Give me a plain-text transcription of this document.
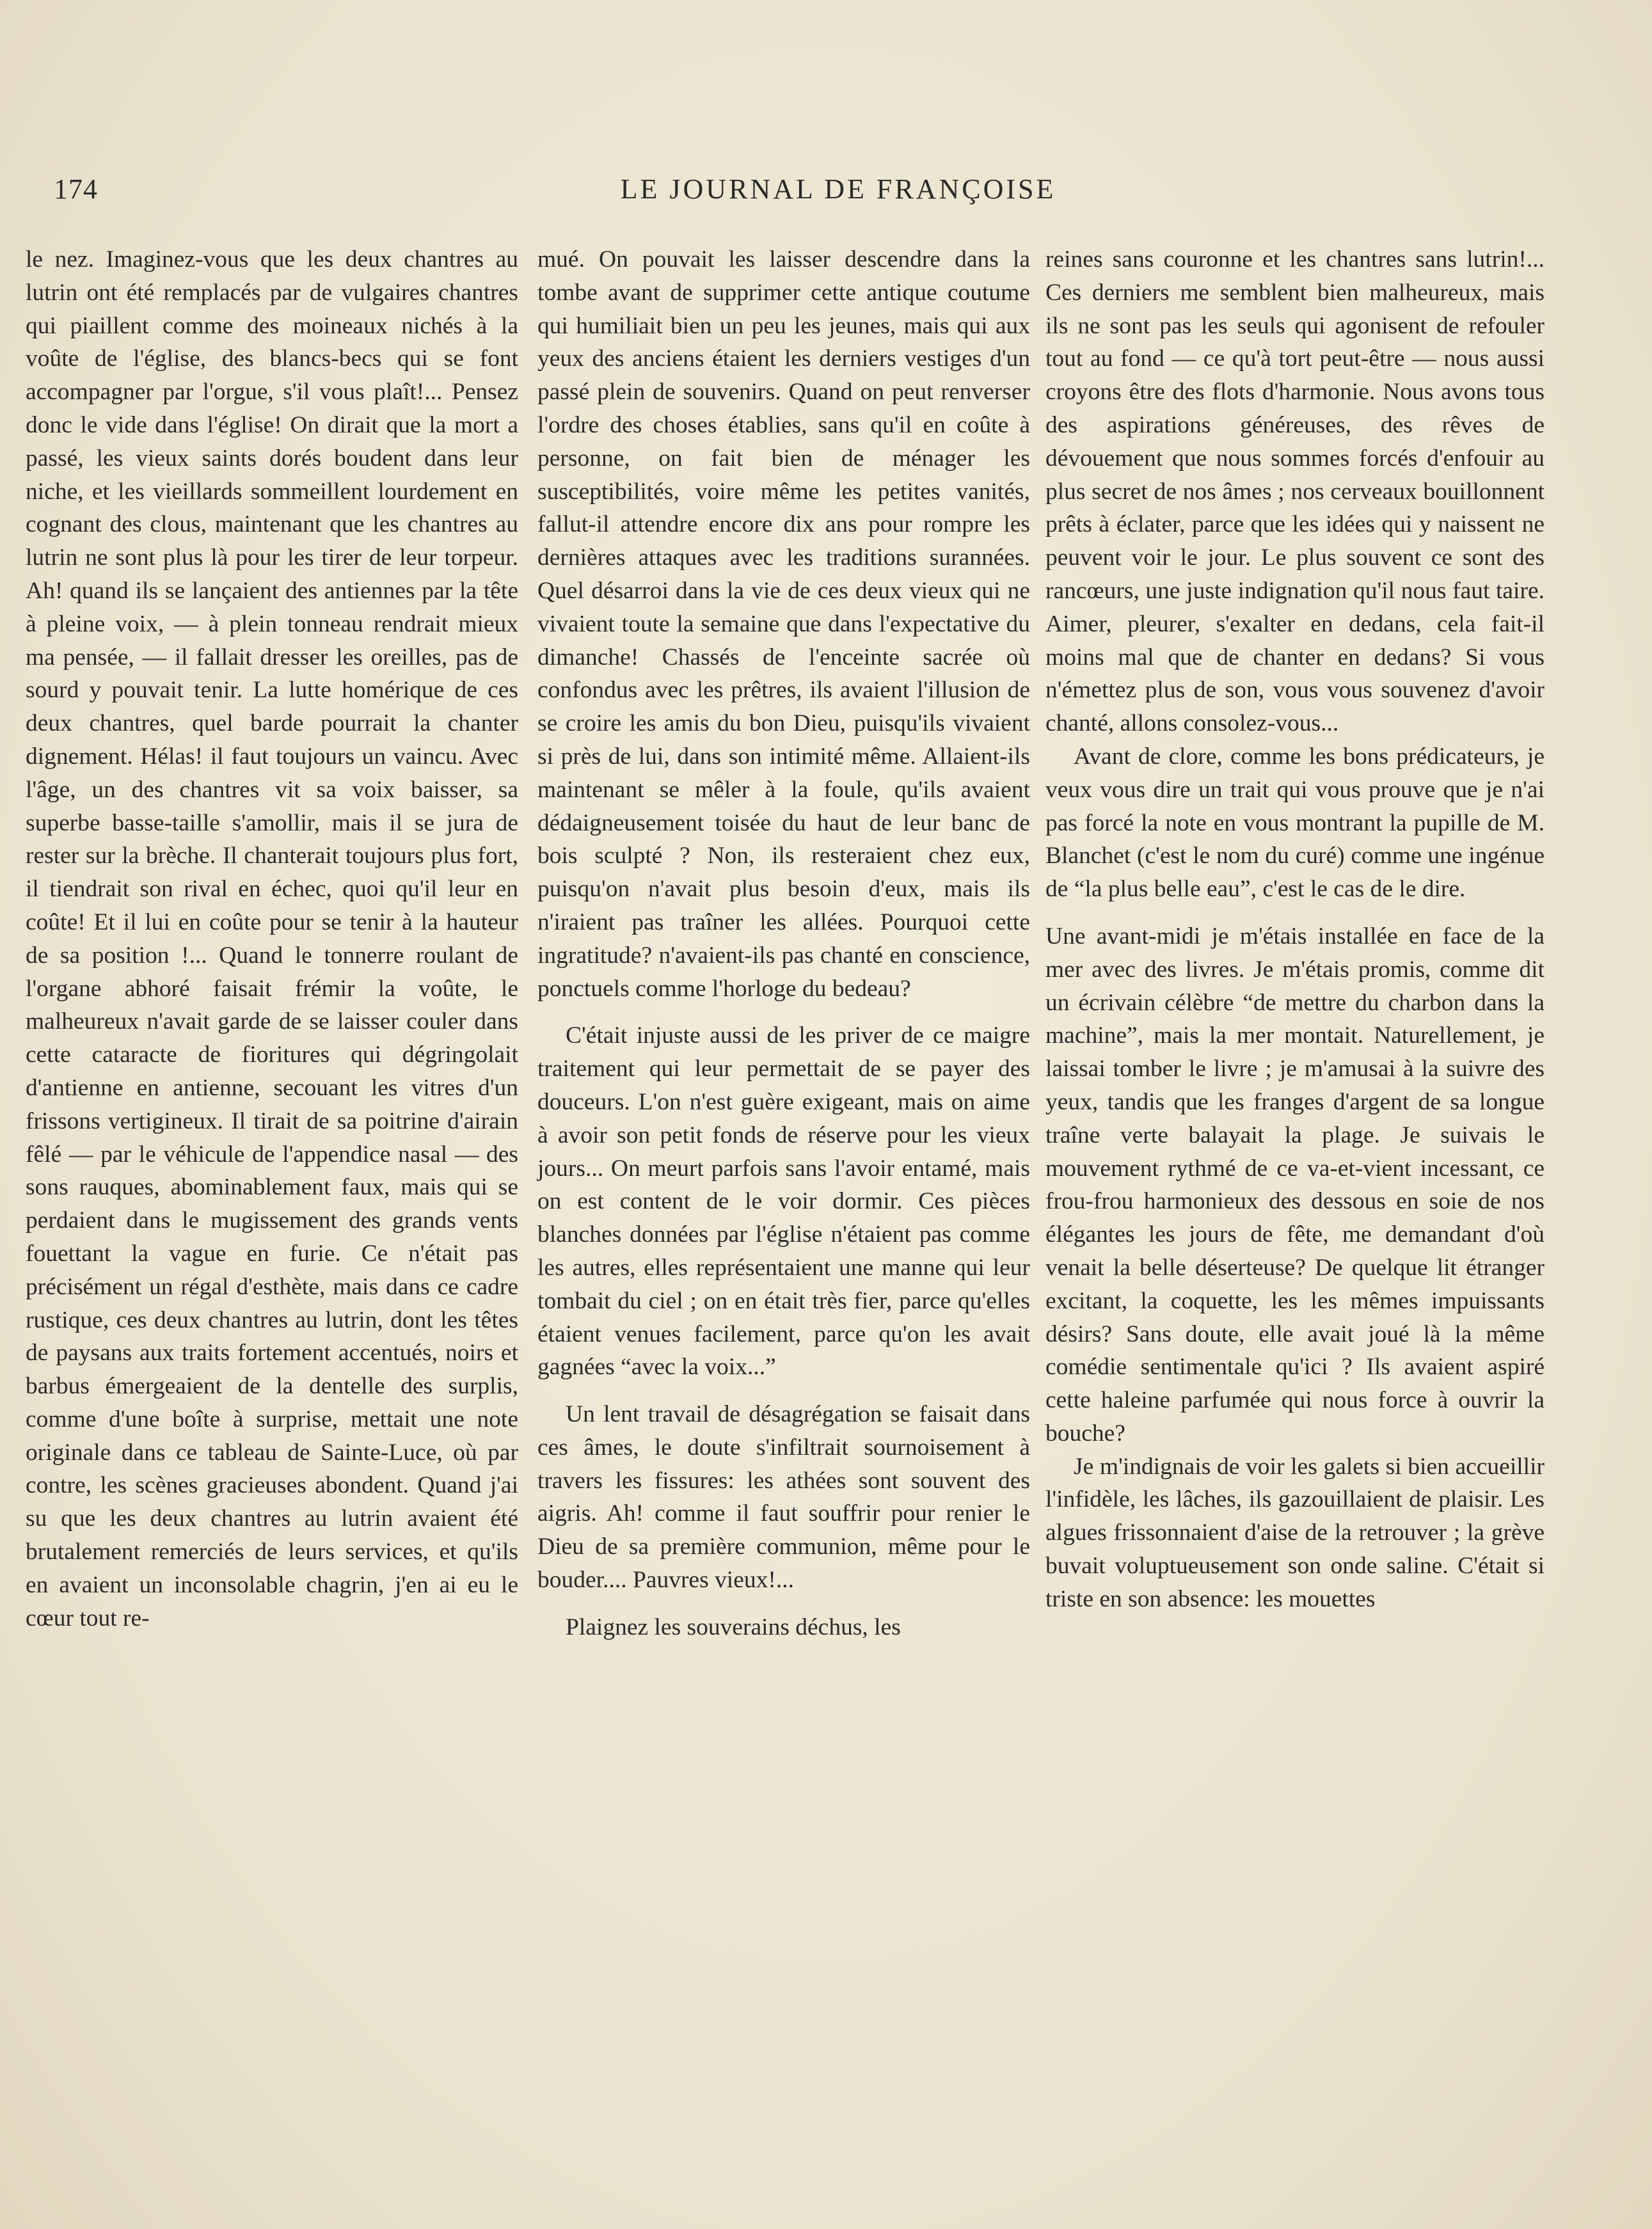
174	LE JOURNAL DE FRANÇOISE

le nez. Imaginez-vous que les deux chantres au lutrin ont été remplacés par de vulgaires chantres qui piaillent comme des moineaux nichés à la voûte de l'église, des blancs-becs qui se font accompagner par l'orgue, s'il vous plaît!... Pensez donc le vide dans l'église! On dirait que la mort a passé, les vieux saints dorés boudent dans leur niche, et les vieillards sommeillent lourdement en cognant des clous, maintenant que les chantres au lutrin ne sont plus là pour les tirer de leur torpeur. Ah! quand ils se lançaient des antiennes par la tête à pleine voix, — à plein tonneau rendrait mieux ma pensée, — il fallait dresser les oreilles, pas de sourd y pouvait tenir. La lutte homérique de ces deux chantres, quel barde pourrait la chanter dignement. Hélas! il faut toujours un vaincu. Avec l'âge, un des chantres vit sa voix baisser, sa superbe basse-taille s'amollir, mais il se jura de rester sur la brèche. Il chanterait toujours plus fort, il tiendrait son rival en échec, quoi qu'il leur en coûte! Et il lui en coûte pour se tenir à la hauteur de sa position !... Quand le tonnerre roulant de l'organe abhoré faisait frémir la voûte, le malheureux n'avait garde de se laisser couler dans cette cataracte de fioritures qui dégringolait d'antienne en antienne, secouant les vitres d'un frissons vertigineux. Il tirait de sa poitrine d'airain fêlé — par le véhicule de l'appendice nasal — des sons rauques, abominablement faux, mais qui se perdaient dans le mugissement des grands vents fouettant la vague en furie. Ce n'était pas précisément un régal d'esthète, mais dans ce cadre rustique, ces deux chantres au lutrin, dont les têtes de paysans aux traits fortement accentués, noirs et barbus émergeaient de la dentelle des surplis, comme d'une boîte à surprise, mettait une note originale dans ce tableau de Sainte-Luce, où par contre, les scènes gracieuses abondent. Quand j'ai su que les deux chantres au lutrin avaient été brutalement remerciés de leurs services, et qu'ils en avaient un inconsolable chagrin, j'en ai eu le cœur tout re-

mué. On pouvait les laisser descendre dans la tombe avant de supprimer cette antique coutume qui humiliait bien un peu les jeunes, mais qui aux yeux des anciens étaient les derniers vestiges d'un passé plein de souvenirs. Quand on peut renverser l'ordre des choses établies, sans qu'il en coûte à personne, on fait bien de ménager les susceptibilités, voire même les petites vanités, fallut-il attendre encore dix ans pour rompre les dernières attaques avec les traditions surannées. Quel désarroi dans la vie de ces deux vieux qui ne vivaient toute la semaine que dans l'expectative du dimanche! Chassés de l'enceinte sacrée où confondus avec les prêtres, ils avaient l'illusion de se croire les amis du bon Dieu, puisqu'ils vivaient si près de lui, dans son intimité même. Allaient-ils maintenant se mêler à la foule, qu'ils avaient dédaigneusement toisée du haut de leur banc de bois sculpté ? Non, ils resteraient chez eux, puisqu'on n'avait plus besoin d'eux, mais ils n'iraient pas traîner les allées. Pourquoi cette ingratitude? n'avaient-ils pas chanté en conscience, ponctuels comme l'horloge du bedeau?

C'était injuste aussi de les priver de ce maigre traitement qui leur permettait de se payer des douceurs. L'on n'est guère exigeant, mais on aime à avoir son petit fonds de réserve pour les vieux jours... On meurt parfois sans l'avoir entamé, mais on est content de le voir dormir. Ces pièces blanches données par l'église n'étaient pas comme les autres, elles représentaient une manne qui leur tombait du ciel ; on en était très fier, parce qu'elles étaient venues facilement, parce qu'on les avait gagnées “avec la voix...”

Un lent travail de désagrégation se faisait dans ces âmes, le doute s'infiltrait sournoisement à travers les fissures: les athées sont souvent des aigris. Ah! comme il faut souffrir pour renier le Dieu de sa première communion, même pour le bouder.... Pauvres vieux!...

Plaignez les souverains déchus, les

reines sans couronne et les chantres sans lutrin!... Ces derniers me semblent bien malheureux, mais ils ne sont pas les seuls qui agonisent de refouler tout au fond — ce qu'à tort peut-être — nous aussi croyons être des flots d'harmonie. Nous avons tous des aspirations généreuses, des rêves de dévouement que nous sommes forcés d'enfouir au plus secret de nos âmes ; nos cerveaux bouillonnent prêts à éclater, parce que les idées qui y naissent ne peuvent voir le jour. Le plus souvent ce sont des rancœurs, une juste indignation qu'il nous faut taire. Aimer, pleurer, s'exalter en dedans, cela fait-il moins mal que de chanter en dedans? Si vous n'émettez plus de son, vous vous souvenez d'avoir chanté, allons consolez-vous...

Avant de clore, comme les bons prédicateurs, je veux vous dire un trait qui vous prouve que je n'ai pas forcé la note en vous montrant la pupille de M. Blanchet (c'est le nom du curé) comme une ingénue de “la plus belle eau”, c'est le cas de le dire.

Une avant-midi je m'étais installée en face de la mer avec des livres. Je m'étais promis, comme dit un écrivain célèbre “de mettre du charbon dans la machine”, mais la mer montait. Naturellement, je laissai tomber le livre ; je m'amusai à la suivre des yeux, tandis que les franges d'argent de sa longue traîne verte balayait la plage. Je suivais le mouvement rythmé de ce va-et-vient incessant, ce frou-frou harmonieux des dessous en soie de nos élégantes les jours de fête, me demandant d'où venait la belle déserteuse? De quelque lit étranger excitant, la coquette, les les mêmes impuissants désirs? Sans doute, elle avait joué là la même comédie sentimentale qu'ici ? Ils avaient aspiré cette haleine parfumée qui nous force à ouvrir la bouche?

Je m'indignais de voir les galets si bien accueillir l'infidèle, les lâches, ils gazouillaient de plaisir. Les algues frissonnaient d'aise de la retrouver ; la grève buvait voluptueusement son onde saline. C'était si triste en son absence: les mouettes
